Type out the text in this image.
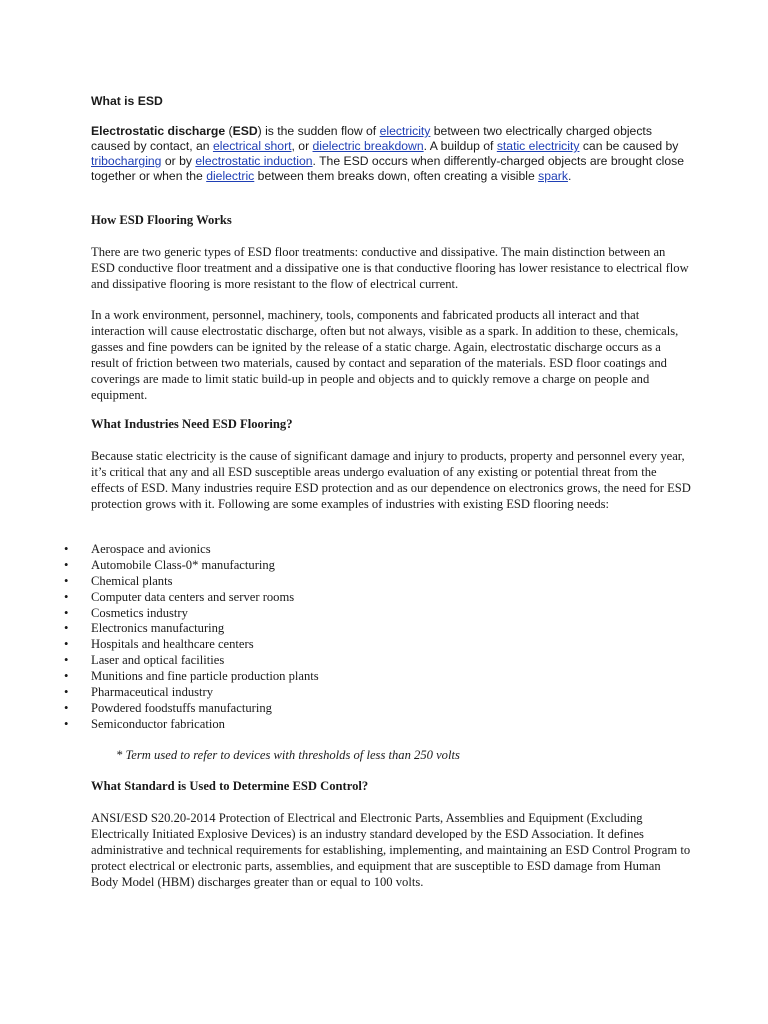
What is ESD

Electrostatic discharge (ESD) is the sudden flow of electricity between two electrically charged objects caused by contact, an electrical short, or dielectric breakdown. A buildup of static electricity can be caused by tribocharging or by electrostatic induction. The ESD occurs when differently-charged objects are brought close together or when the dielectric between them breaks down, often creating a visible spark.

How ESD Flooring Works

There are two generic types of ESD floor treatments: conductive and dissipative. The main distinction between an ESD conductive floor treatment and a dissipative one is that conductive flooring has lower resistance to electrical flow and dissipative flooring is more resistant to the flow of electrical current.

In a work environment, personnel, machinery, tools, components and fabricated products all interact and that interaction will cause electrostatic discharge, often but not always, visible as a spark. In addition to these, chemicals, gasses and fine powders can be ignited by the release of a static charge. Again, electrostatic discharge occurs as a result of friction between two materials, caused by contact and separation of the materials. ESD floor coatings and coverings are made to limit static build-up in people and objects and to quickly remove a charge on people and equipment.

What Industries Need ESD Flooring?

Because static electricity is the cause of significant damage and injury to products, property and personnel every year, it’s critical that any and all ESD susceptible areas undergo evaluation of any existing or potential threat from the effects of ESD. Many industries require ESD protection and as our dependence on electronics grows, the need for ESD protection grows with it. Following are some examples of industries with existing ESD flooring needs:

• Aerospace and avionics
• Automobile Class-0* manufacturing
• Chemical plants
• Computer data centers and server rooms
• Cosmetics industry
• Electronics manufacturing
• Hospitals and healthcare centers
• Laser and optical facilities
• Munitions and fine particle production plants
• Pharmaceutical industry
• Powdered foodstuffs manufacturing
• Semiconductor fabrication

* Term used to refer to devices with thresholds of less than 250 volts

What Standard is Used to Determine ESD Control?

ANSI/ESD S20.20-2014 Protection of Electrical and Electronic Parts, Assemblies and Equipment (Excluding Electrically Initiated Explosive Devices) is an industry standard developed by the ESD Association. It defines administrative and technical requirements for establishing, implementing, and maintaining an ESD Control Program to protect electrical or electronic parts, assemblies, and equipment that are susceptible to ESD damage from Human Body Model (HBM) discharges greater than or equal to 100 volts.
